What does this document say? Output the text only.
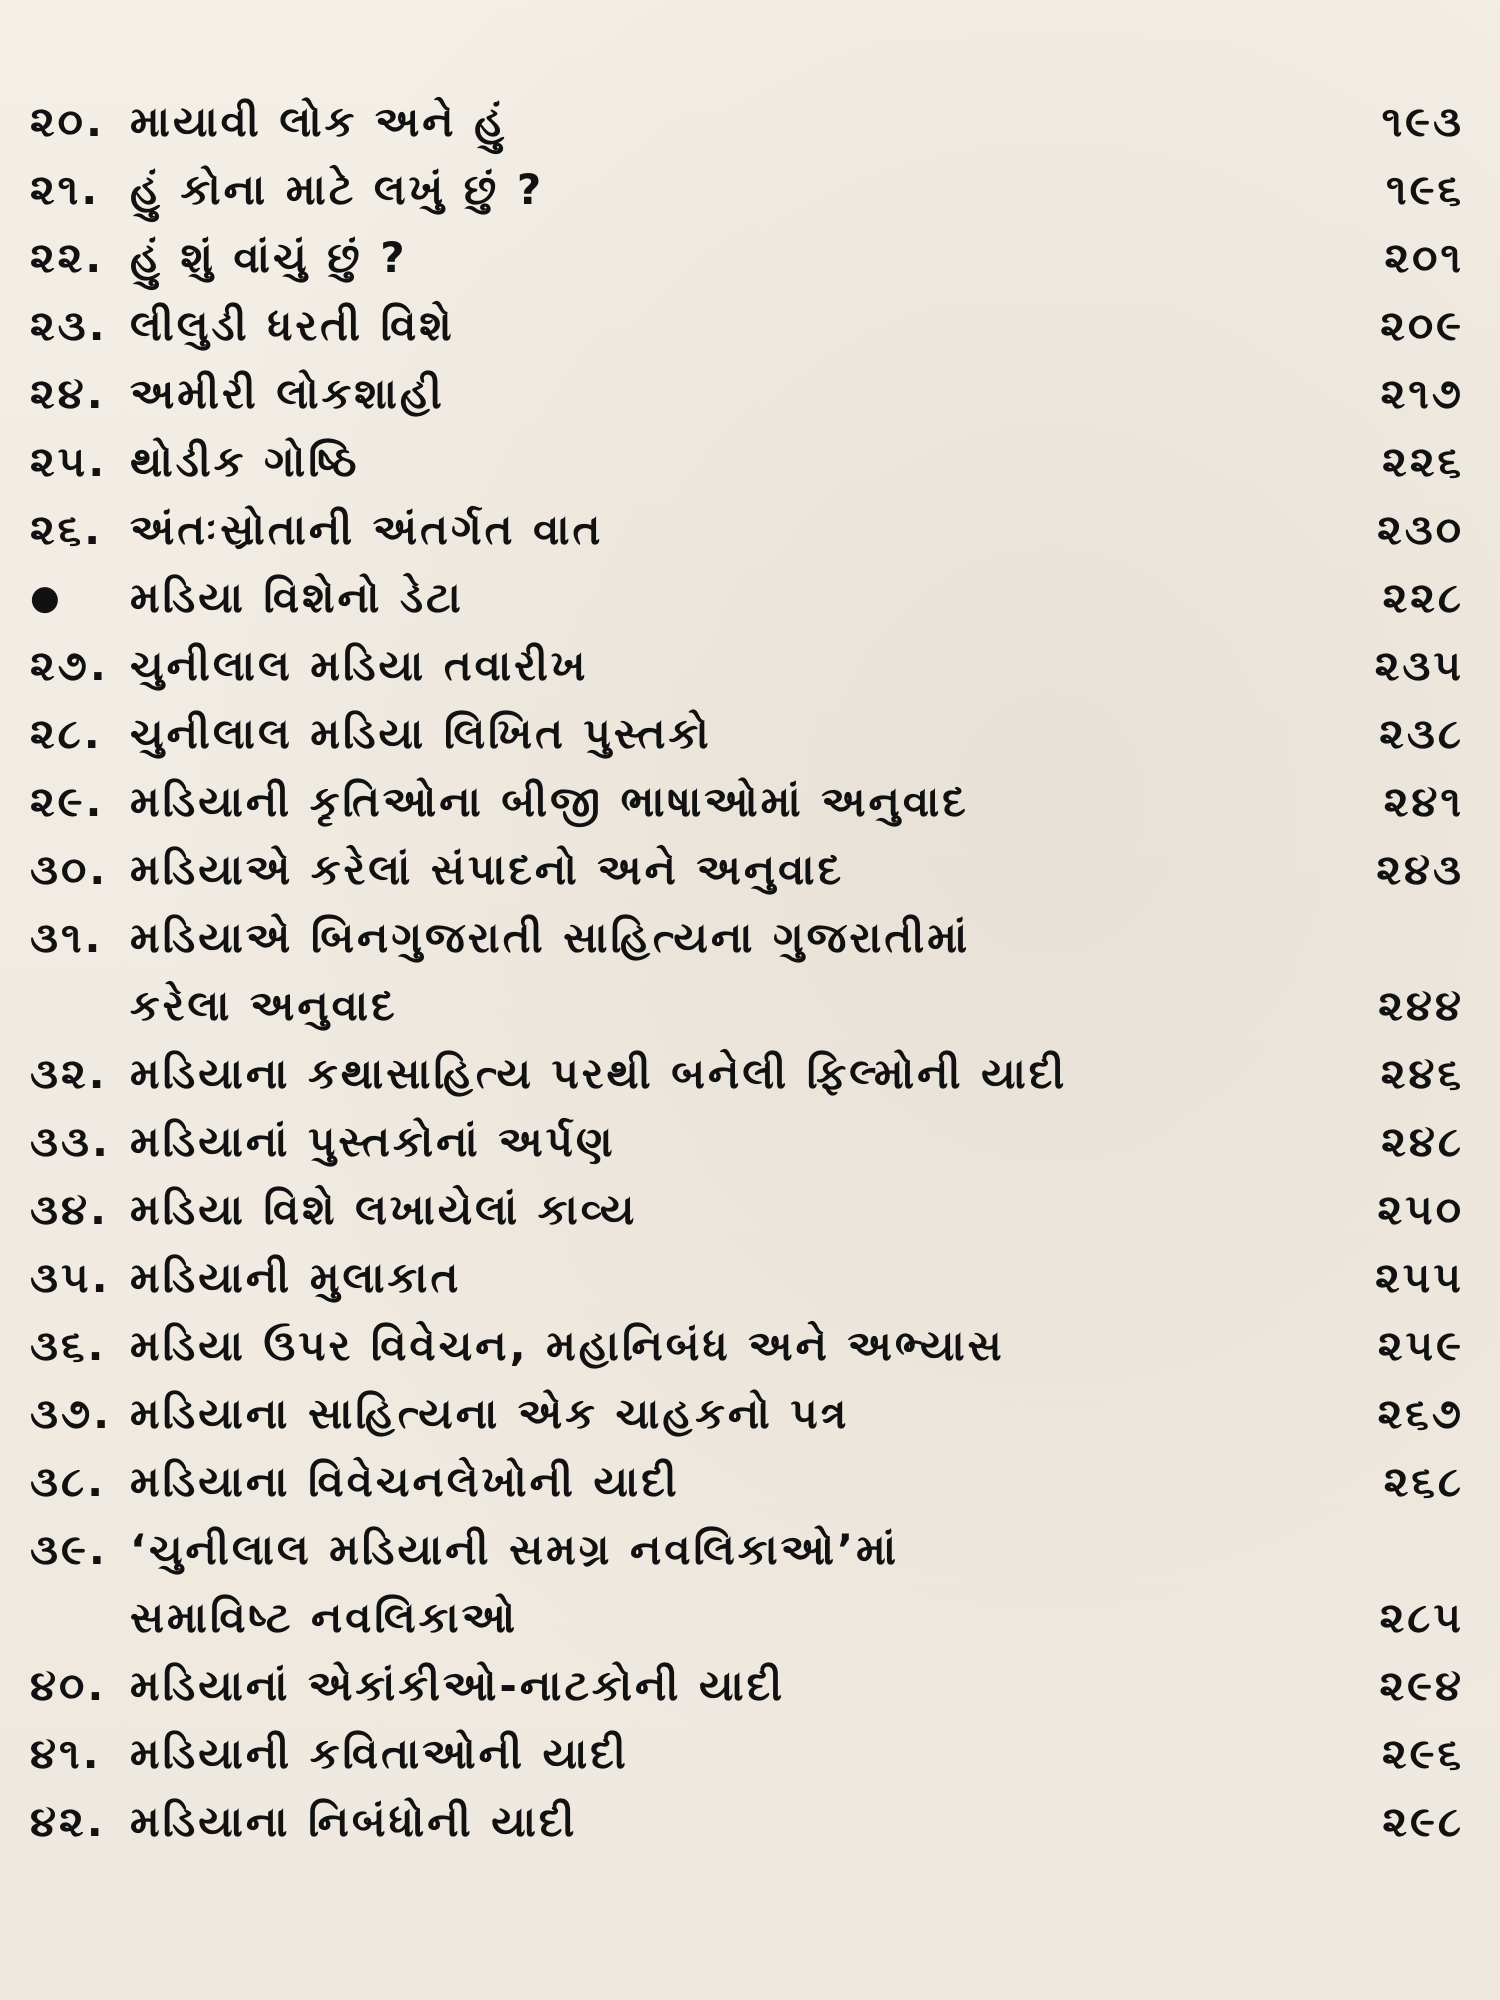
૨૦. માયાવી લોક અને હું	૧૯૩
૨૧. હું કોના માટે લખું છું ?	૧૯૬
૨૨. હું શું વાંચું છું ?	૨૦૧
૨૩. લીલુડી ધરતી વિશે	૨૦૯
૨૪. અમીરી લોકશાહી	૨૧૭
૨૫. થોડીક ગોષ્ઠિ	૨૨૬
૨૬. અંતઃસ્રોતાની અંતર્ગત વાત	૨૩૦
●	મડિયા વિશેનો ડેટા	૨૨૮
૨૭. ચુનીલાલ મડિયા તવારીખ	૨૩૫
૨૮. ચુનીલાલ મડિયા લિખિત પુસ્તકો	૨૩૮
૨૯. મડિયાની કૃતિઓના બીજી ભાષાઓમાં અનુવાદ	૨૪૧
૩૦. મડિયાએ કરેલાં સંપાદનો અને અનુવાદ	૨૪૩
૩૧. મડિયાએ બિનગુજરાતી સાહિત્યના ગુજરાતીમાં
કરેલા અનુવાદ	૨૪૪
૩૨. મડિયાના કથાસાહિત્ય પરથી બનેલી ફિલ્મોની યાદી	૨૪૬
૩૩. મડિયાનાં પુસ્તકોનાં અર્પણ	૨૪૮
૩૪. મડિયા વિશે લખાયેલાં કાવ્ય	૨૫૦
૩૫. મડિયાની મુલાકાત	૨૫૫
૩૬. મડિયા ઉપર વિવેચન, મહાનિબંધ અને અભ્યાસ	૨૫૯
૩૭. મડિયાના સાહિત્યના એક ચાહકનો પત્ર	૨૬૭
૩૮. મડિયાના વિવેચનલેખોની યાદી	૨૬૮
૩૯. ‘ચુનીલાલ મડિયાની સમગ્ર નવલિકાઓ’માં
સમાવિષ્ટ નવલિકાઓ	૨૮૫
૪૦. મડિયાનાં એકાંકીઓ-નાટકોની યાદી	૨૯૪
૪૧. મડિયાની કવિતાઓની યાદી	૨૯૬
૪૨. મડિયાના નિબંધોની યાદી	૨૯૮
